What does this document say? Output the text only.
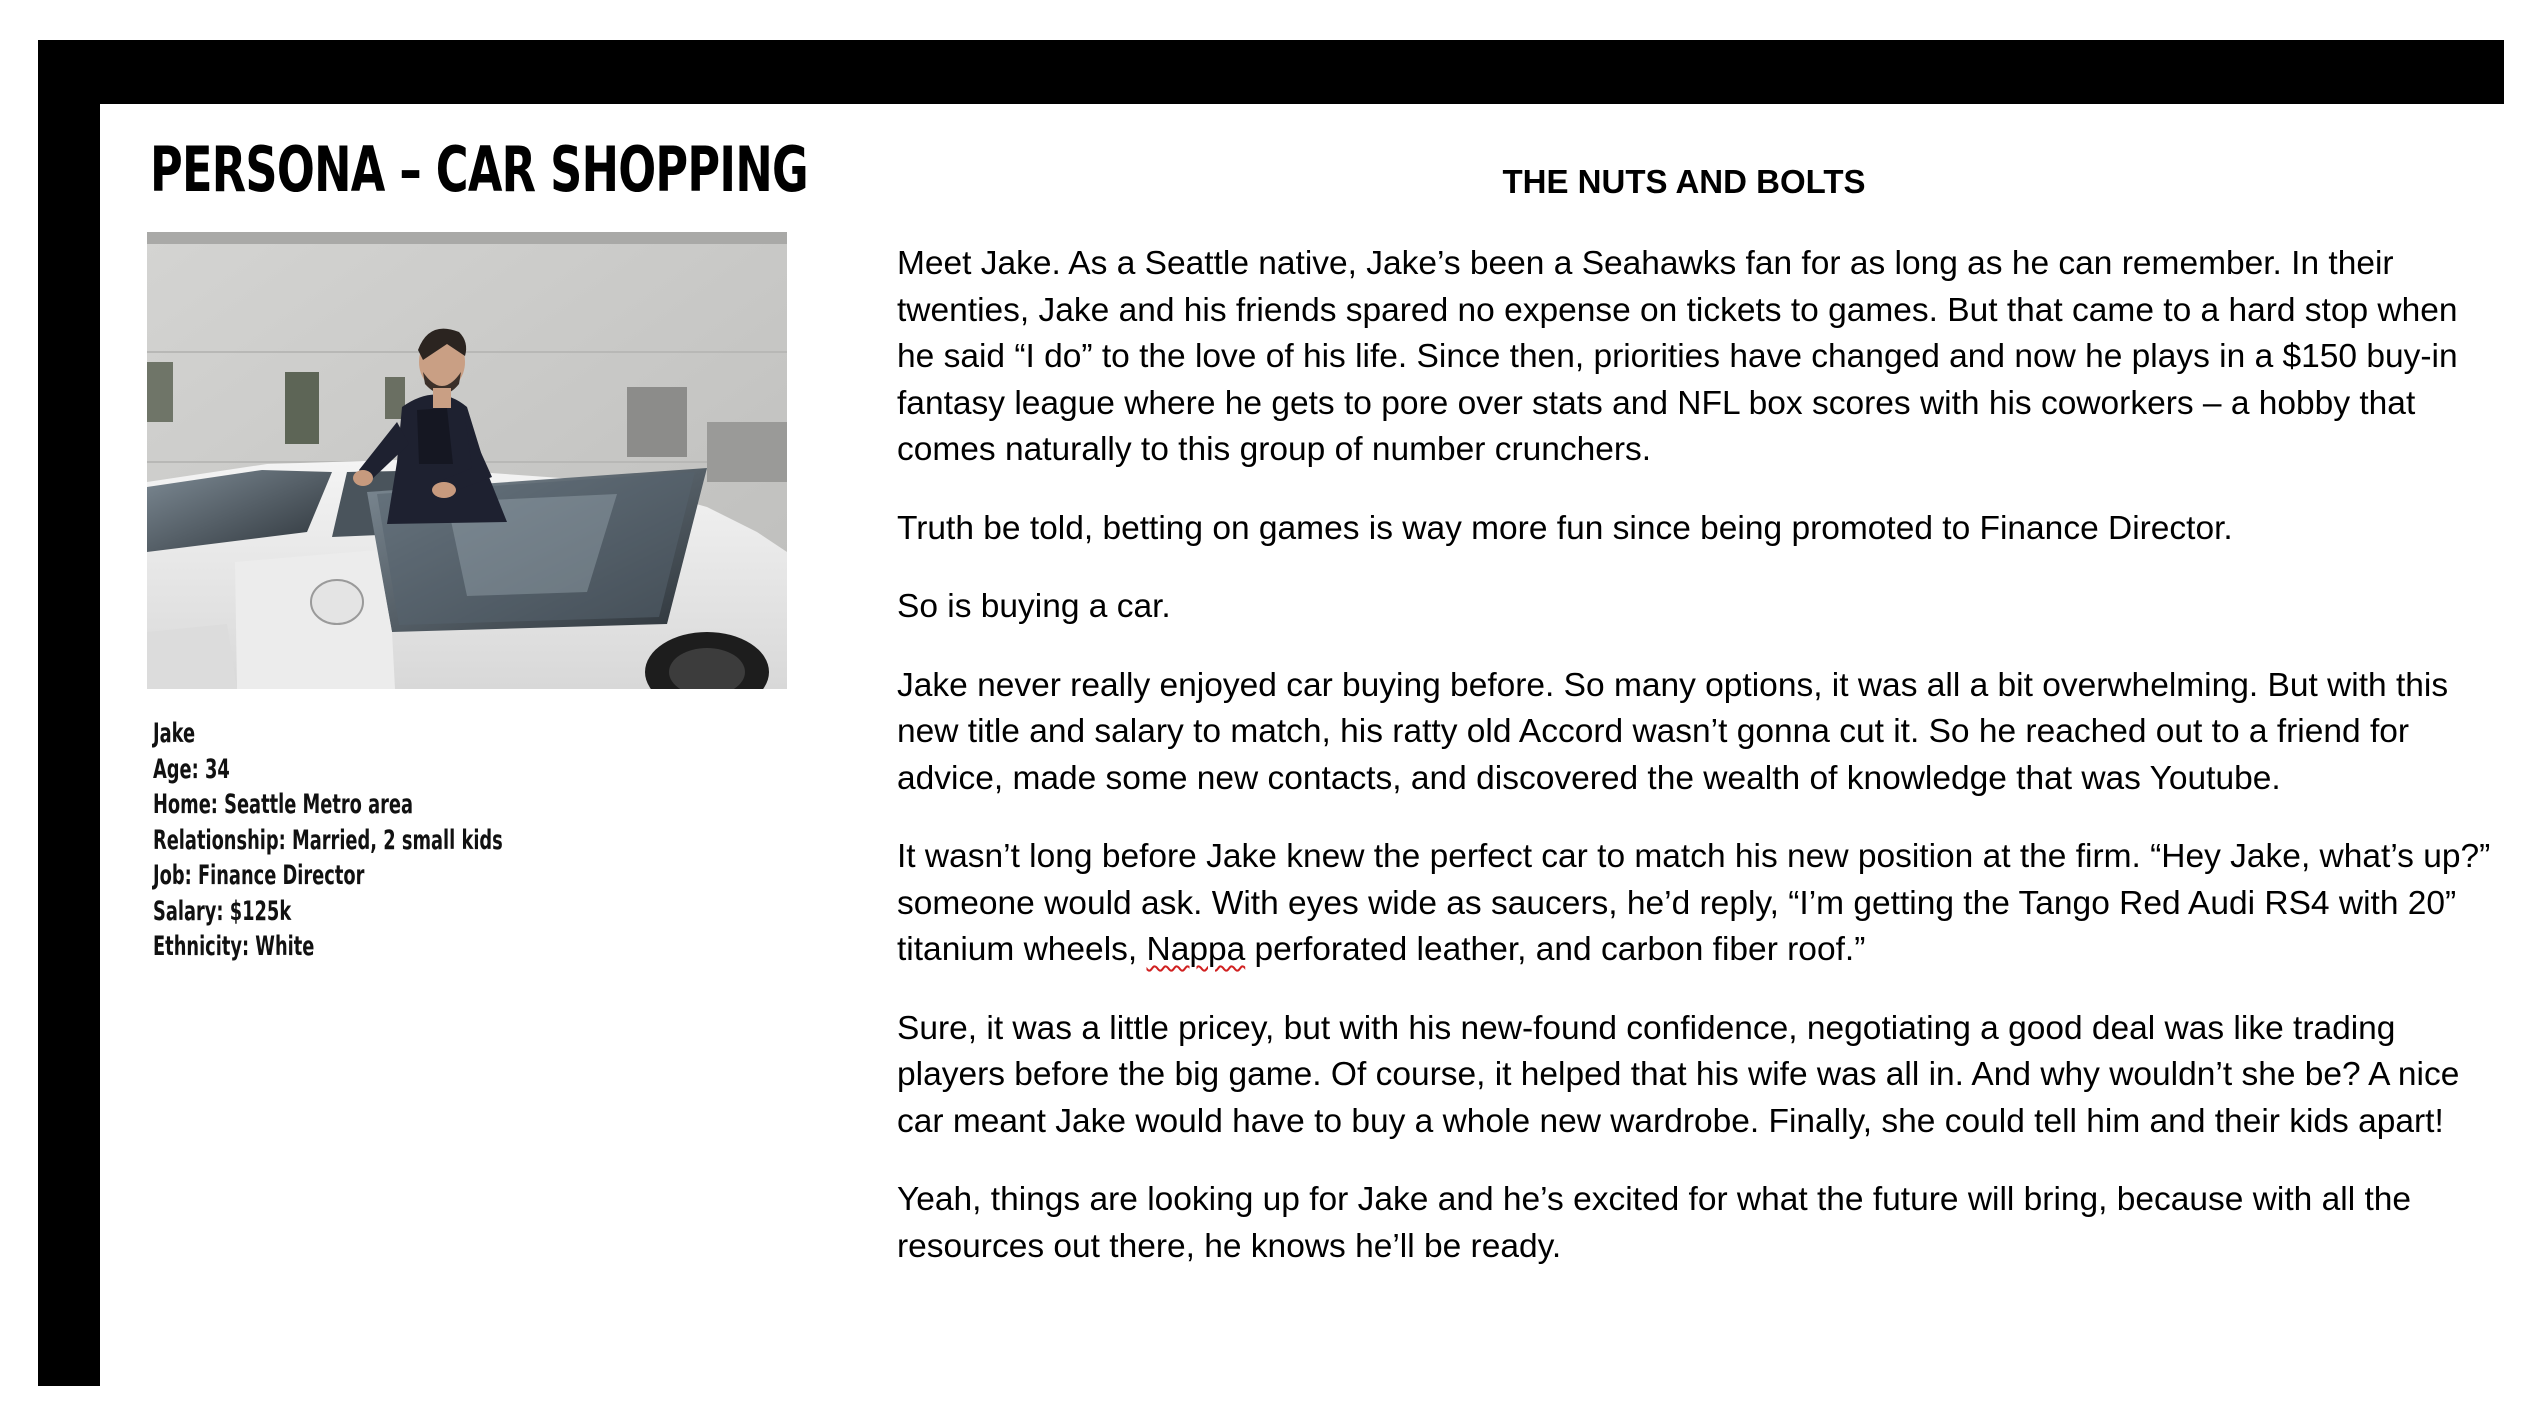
PERSONA – CAR SHOPPING
Jake
Age: 34
Home: Seattle Metro area
Relationship: Married, 2 small kids
Job: Finance Director
Salary: $125k
Ethnicity: White
THE NUTS AND BOLTS

Meet Jake. As a Seattle native, Jake’s been a Seahawks fan for as long as he can remember. In their twenties, Jake and his friends spared no expense on tickets to games. But that came to a hard stop when he said “I do” to the love of his life. Since then, priorities have changed and now he plays in a $150 buy-in fantasy league where he gets to pore over stats and NFL box scores with his coworkers – a hobby that comes naturally to this group of number crunchers.

Truth be told, betting on games is way more fun since being promoted to Finance Director.

So is buying a car.

Jake never really enjoyed car buying before. So many options, it was all a bit overwhelming. But with this new title and salary to match, his ratty old Accord wasn’t gonna cut it. So he reached out to a friend for advice, made some new contacts, and discovered the wealth of knowledge that was Youtube.

It wasn’t long before Jake knew the perfect car to match his new position at the firm. “Hey Jake, what’s up?” someone would ask. With eyes wide as saucers, he’d reply, “I’m getting the Tango Red Audi RS4 with 20” titanium wheels, Nappa perforated leather, and carbon fiber roof.”

Sure, it was a little pricey, but with his new-found confidence, negotiating a good deal was like trading players before the big game. Of course, it helped that his wife was all in. And why wouldn’t she be? A nice car meant Jake would have to buy a whole new wardrobe. Finally, she could tell him and their kids apart!

Yeah, things are looking up for Jake and he’s excited for what the future will bring, because with all the resources out there, he knows he’ll be ready.
